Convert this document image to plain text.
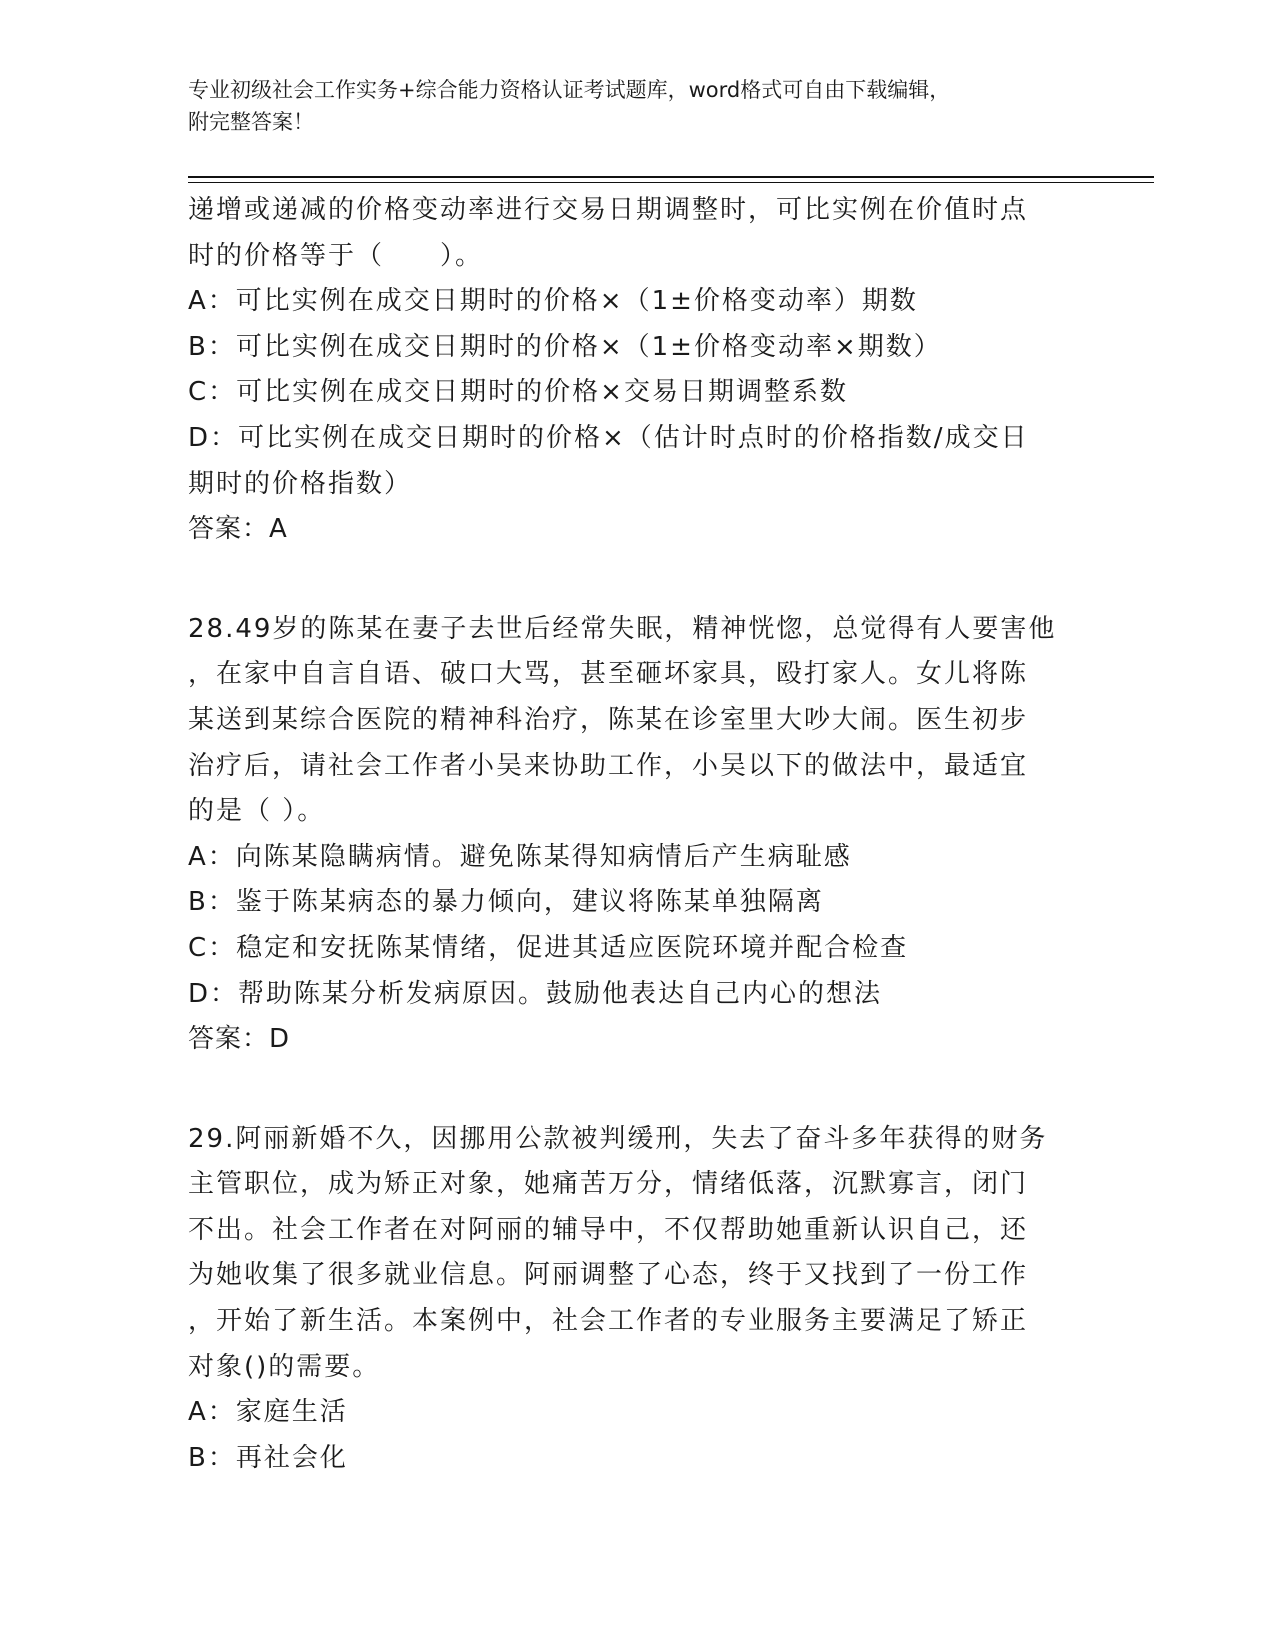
专业初级社会工作实务+综合能力资格认证考试题库，word格式可自由下载编辑，
附完整答案！
递增或递减的价格变动率进行交易日期调整时，可比实例在价值时点
时的价格等于（　　）。
A：可比实例在成交日期时的价格×（1±价格变动率）期数
B：可比实例在成交日期时的价格×（1±价格变动率×期数）
C：可比实例在成交日期时的价格×交易日期调整系数
D：可比实例在成交日期时的价格×（估计时点时的价格指数/成交日
期时的价格指数）
答案：A
28.49岁的陈某在妻子去世后经常失眠，精神恍惚，总觉得有人要害他
，在家中自言自语、破口大骂，甚至砸坏家具，殴打家人。女儿将陈
某送到某综合医院的精神科治疗，陈某在诊室里大吵大闹。医生初步
治疗后，请社会工作者小吴来协助工作，小吴以下的做法中，最适宜
的是（ ）。
A：向陈某隐瞒病情。避免陈某得知病情后产生病耻感
B：鉴于陈某病态的暴力倾向，建议将陈某单独隔离
C：稳定和安抚陈某情绪，促进其适应医院环境并配合检查
D：帮助陈某分析发病原因。鼓励他表达自己内心的想法
答案：D
29.阿丽新婚不久，因挪用公款被判缓刑，失去了奋斗多年获得的财务
主管职位，成为矫正对象，她痛苦万分，情绪低落，沉默寡言，闭门
不出。社会工作者在对阿丽的辅导中，不仅帮助她重新认识自己，还
为她收集了很多就业信息。阿丽调整了心态，终于又找到了一份工作
，开始了新生活。本案例中，社会工作者的专业服务主要满足了矫正
对象()的需要。
A：家庭生活
B：再社会化
